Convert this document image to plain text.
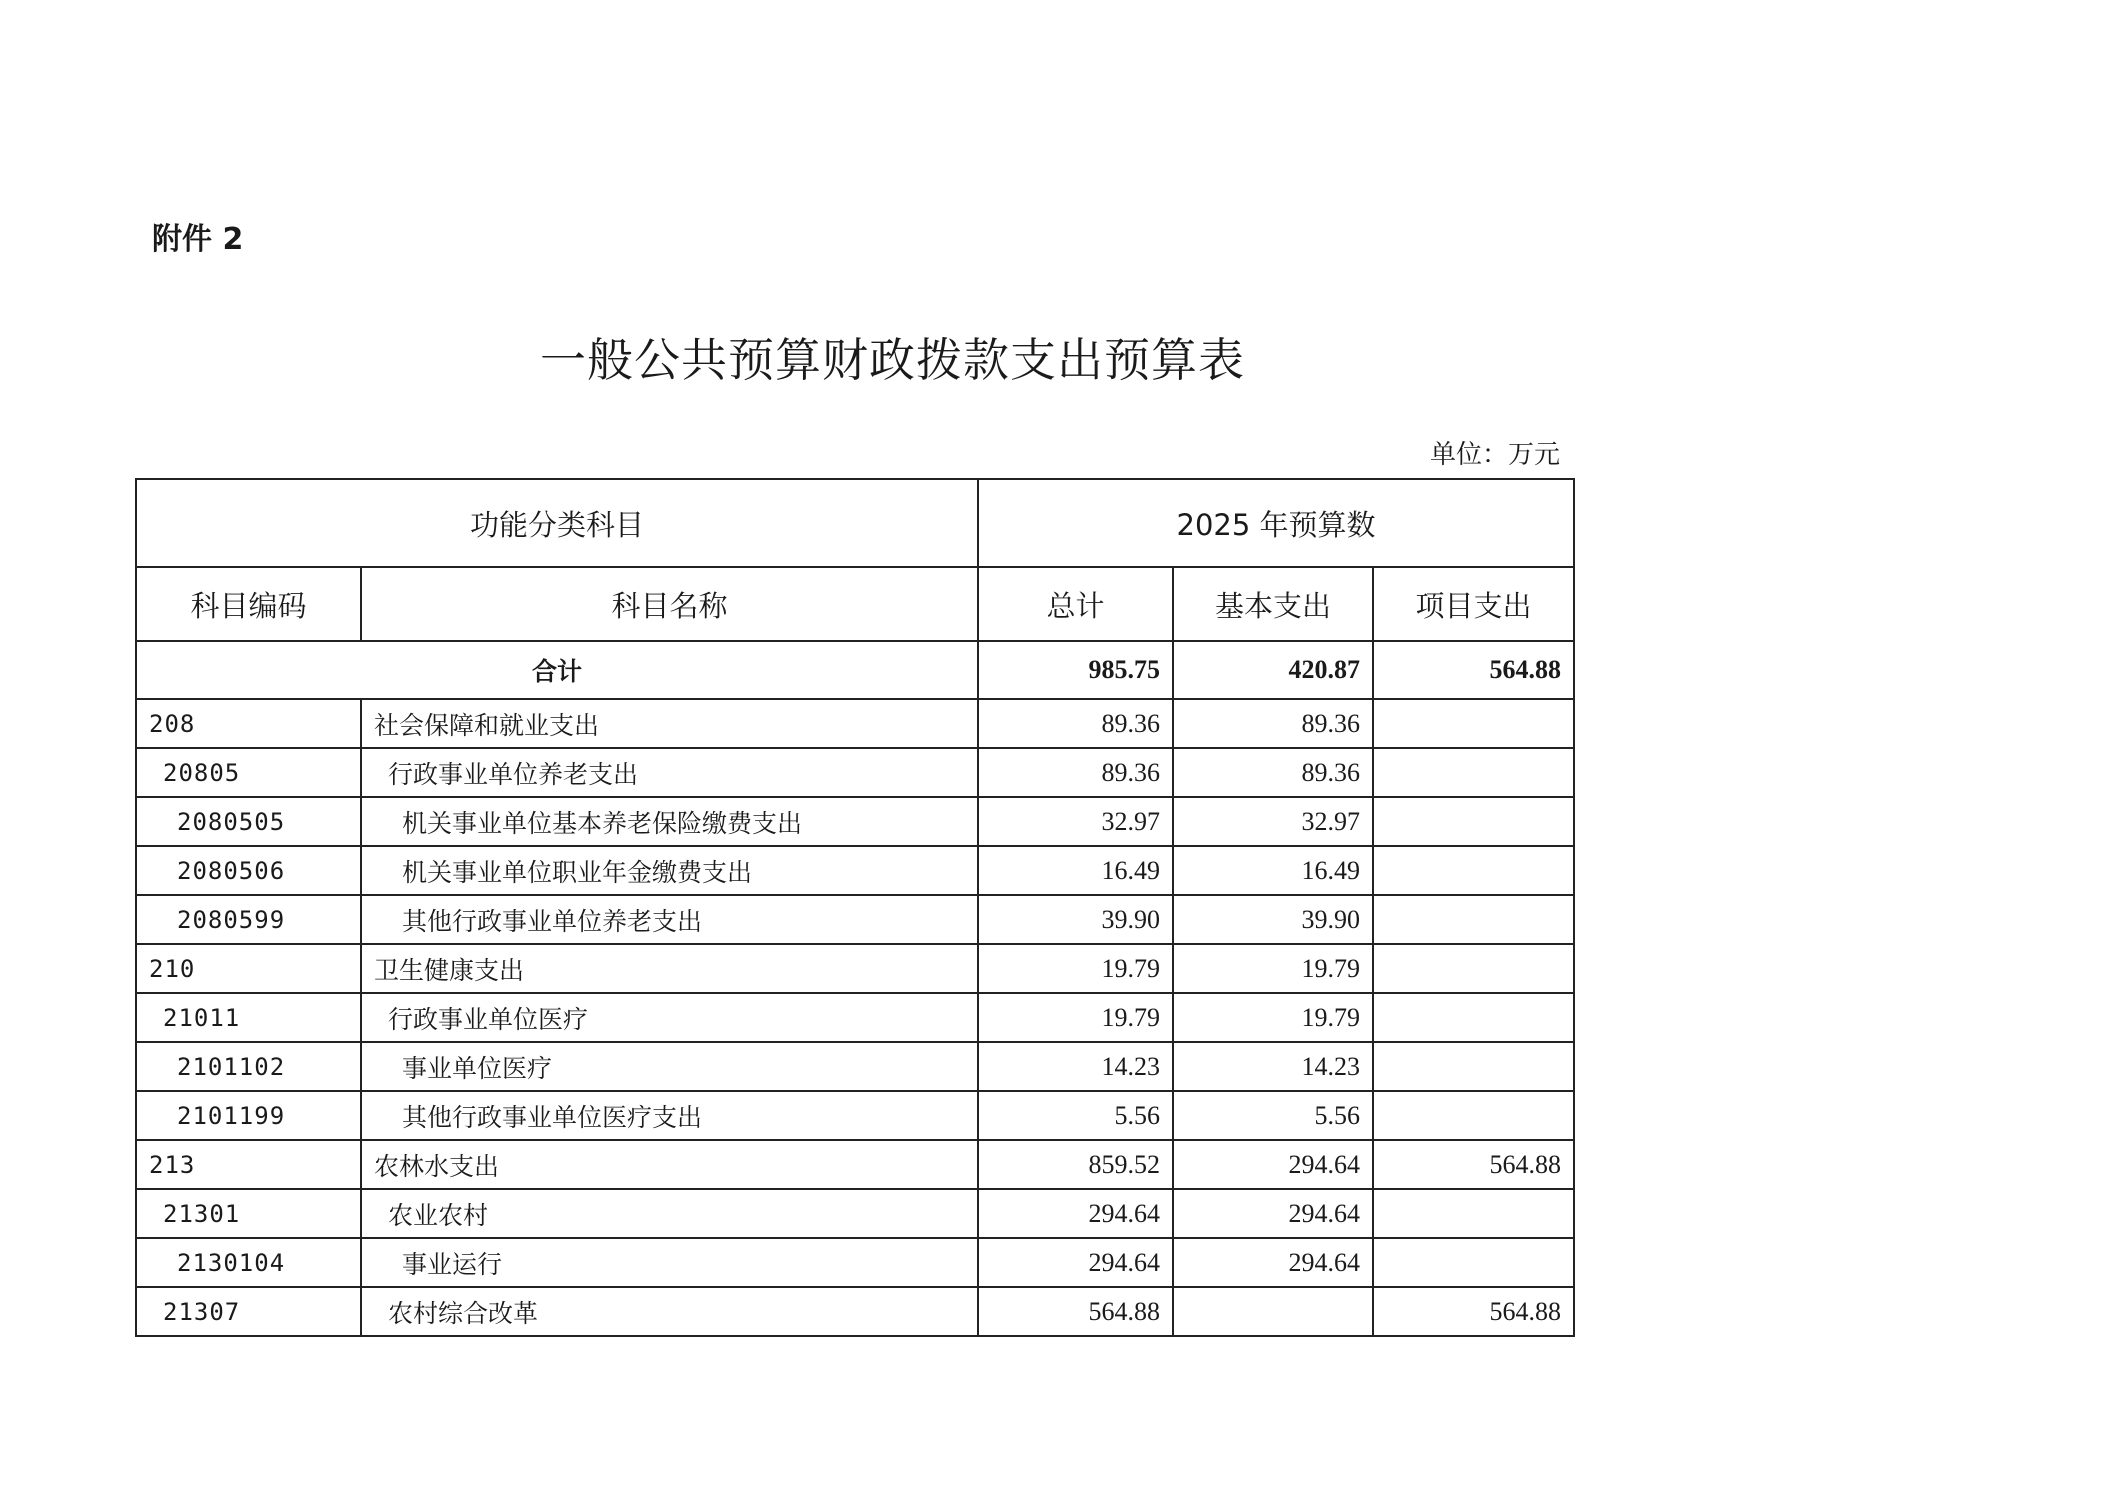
附件 2
一般公共预算财政拨款支出预算表
单位：万元
功能分类科目		2025 年预算数		
科目编码	科目名称	总计	基本支出	项目支出
合计		985.75	420.87	564.88
208	社会保障和就业支出	89.36	89.36	
20805	行政事业单位养老支出	89.36	89.36	
2080505	机关事业单位基本养老保险缴费支出	32.97	32.97	
2080506	机关事业单位职业年金缴费支出	16.49	16.49	
2080599	其他行政事业单位养老支出	39.90	39.90	
210	卫生健康支出	19.79	19.79	
21011	行政事业单位医疗	19.79	19.79	
2101102	事业单位医疗	14.23	14.23	
2101199	其他行政事业单位医疗支出	5.56	5.56	
213	农林水支出	859.52	294.64	564.88
21301	农业农村	294.64	294.64	
2130104	事业运行	294.64	294.64	
21307	农村综合改革	564.88		564.88
